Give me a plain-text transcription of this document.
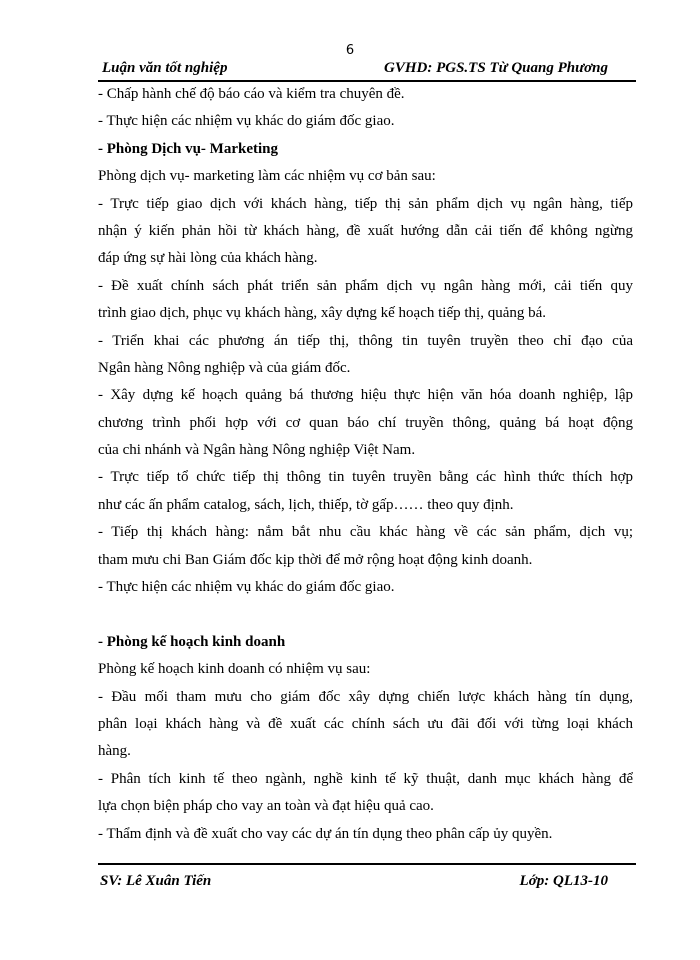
6
Luận văn tốt nghiệp	GVHD: PGS.TS Từ Quang Phương
- Chấp hành chế độ báo cáo và kiểm tra chuyên đề.
- Thực hiện các nhiệm vụ khác do giám đốc giao.
- Phòng Dịch vụ- Marketing
Phòng dịch vụ- marketing làm các nhiệm vụ cơ bản sau:
- Trực tiếp giao dịch với khách hàng, tiếp thị sản phẩm dịch vụ ngân hàng, tiếp
nhận ý kiến phản hồi từ khách hàng, đề xuất hướng dẫn cải tiến để không ngừng
đáp ứng sự hài lòng của khách hàng.
- Đề xuất chính sách phát triển sản phẩm dịch vụ ngân hàng mới, cải tiến quy
trình giao dịch, phục vụ khách hàng, xây dựng kế hoạch tiếp thị, quảng bá.
- Triển khai các phương án tiếp thị, thông tin tuyên truyền theo chỉ đạo của
Ngân hàng Nông nghiệp và của giám đốc.
- Xây dựng kế hoạch quảng bá thương hiệu thực hiện văn hóa doanh nghiệp, lập
chương trình phối hợp với cơ quan báo chí truyền thông, quảng bá hoạt động
của chi nhánh và Ngân hàng Nông nghiệp Việt Nam.
- Trực tiếp tổ chức tiếp thị thông tin tuyên truyền bằng các hình thức thích hợp
như các ấn phẩm catalog, sách, lịch, thiếp, tờ gấp…… theo quy định.
- Tiếp thị khách hàng: nắm bắt nhu cầu khác hàng về các sản phẩm, dịch vụ;
tham mưu chi Ban Giám đốc kịp thời để mở rộng hoạt động kinh doanh.
- Thực hiện các nhiệm vụ khác do giám đốc giao.
- Phòng kế hoạch kinh doanh
Phòng kế hoạch kinh doanh có nhiệm vụ sau:
- Đầu mối tham mưu cho giám đốc xây dựng chiến lược khách hàng tín dụng,
phân loại khách hàng và đề xuất các chính sách ưu đãi đối với từng loại khách
hàng.
- Phân tích kinh tế theo ngành, nghề kinh tế kỹ thuật, danh mục khách hàng để
lựa chọn biện pháp cho vay an toàn và đạt hiệu quả cao.
- Thẩm định và đề xuất cho vay các dự án tín dụng theo phân cấp ủy quyền.
SV: Lê Xuân Tiến	Lớp: QL13-10
